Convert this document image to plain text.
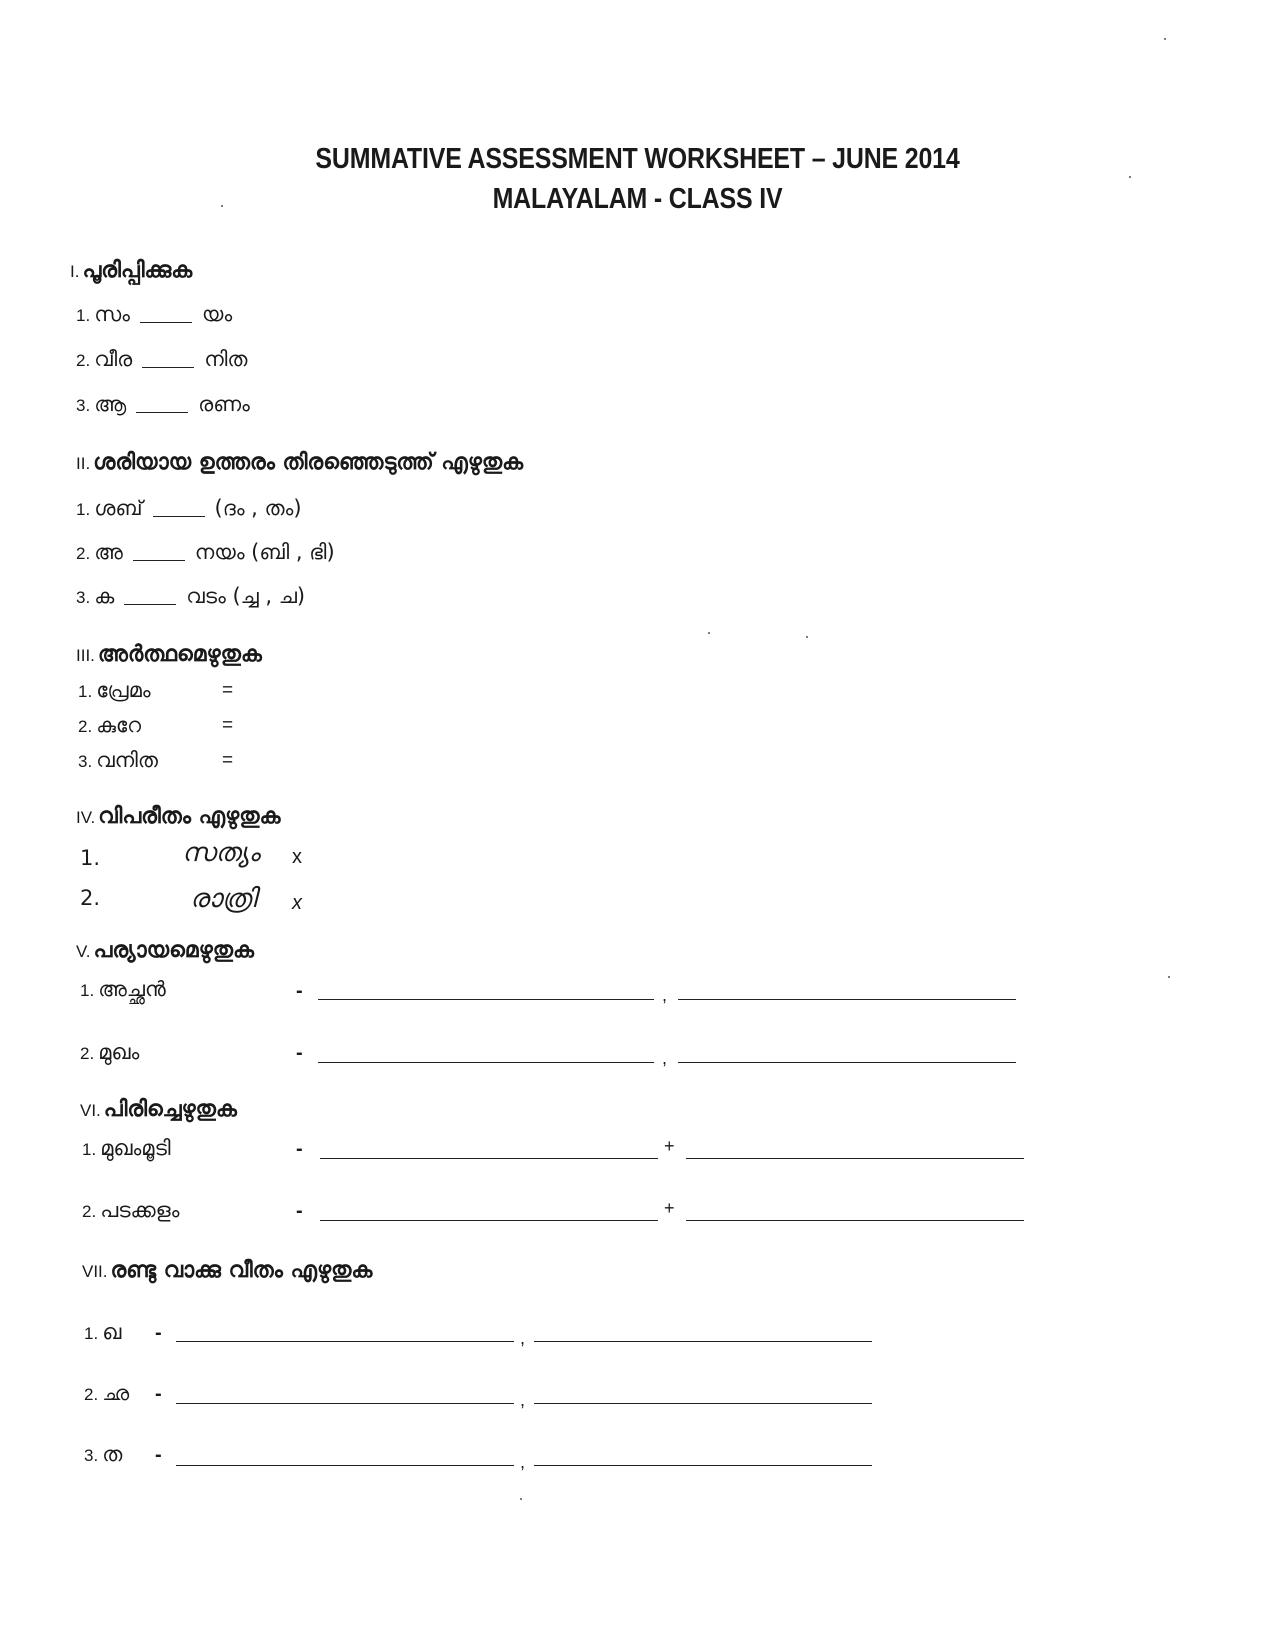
SUMMATIVE ASSESSMENT WORKSHEET – JUNE 2014
MALAYALAM - CLASS IV
I. പൂരിപ്പിക്കുക
1. സം	യം
2. വീര	നിത
3. ആ	രണം
II. ശരിയായ ഉത്തരം തിരഞ്ഞെടുത്ത് എഴുതുക
1. ശബ്	(ദം , തം)
2. അ	നയം (ബി , ഭി)
3. ക	വടം (ച്ച , ച)
III. അർത്ഥമെഴുതുക
1. പ്രേമം	=
2. കുറേ	=
3. വനിത	=
IV. വിപരീതം എഴുതുക
1.	സത്യം x
2.	രാത്രി x
V. പര്യായമെഴുതുക
1. അച്ഛൻ	-	,
2. മുഖം	-	,
VI. പിരിച്ചെഴുതുക
1. മുഖംമൂടി	-	+
2. പടക്കളം	-	+
VII. രണ്ടു വാക്കു വീതം എഴുതുക
1. ഖ -	,
2. ഛ -	,
3. ത -	,
